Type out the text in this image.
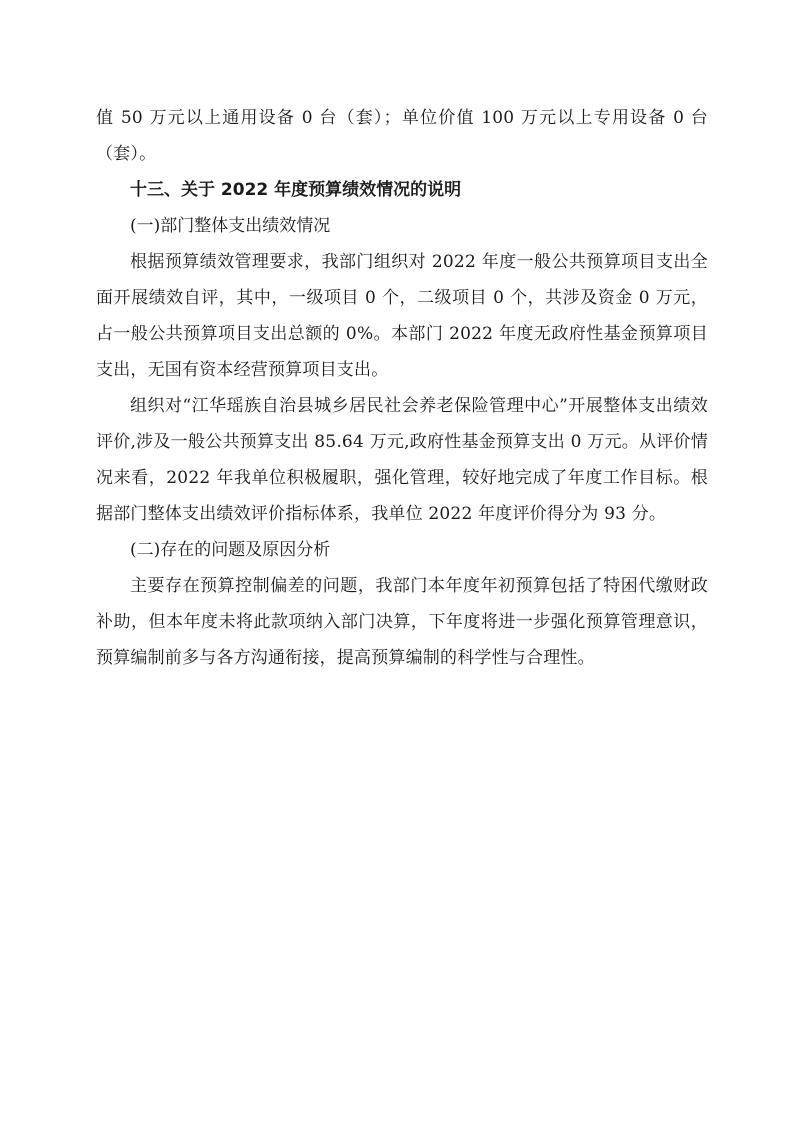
值 50 万元以上通用设备 0 台（套）；单位价值 100 万元以上专用设备 0 台（套）。

十三、关于 2022 年度预算绩效情况的说明

(一)部门整体支出绩效情况

根据预算绩效管理要求，我部门组织对 2022 年度一般公共预算项目支出全面开展绩效自评，其中，一级项目 0 个，二级项目 0 个，共涉及资金 0 万元，占一般公共预算项目支出总额的 0%。本部门 2022 年度无政府性基金预算项目支出，无国有资本经营预算项目支出。

组织对“江华瑶族自治县城乡居民社会养老保险管理中心”开展整体支出绩效评价,涉及一般公共预算支出 85.64 万元,政府性基金预算支出 0 万元。从评价情况来看，2022 年我单位积极履职，强化管理，较好地完成了年度工作目标。根据部门整体支出绩效评价指标体系，我单位 2022 年度评价得分为 93 分。

(二)存在的问题及原因分析

主要存在预算控制偏差的问题，我部门本年度年初预算包括了特困代缴财政补助，但本年度未将此款项纳入部门决算，下年度将进一步强化预算管理意识，预算编制前多与各方沟通衔接，提高预算编制的科学性与合理性。
